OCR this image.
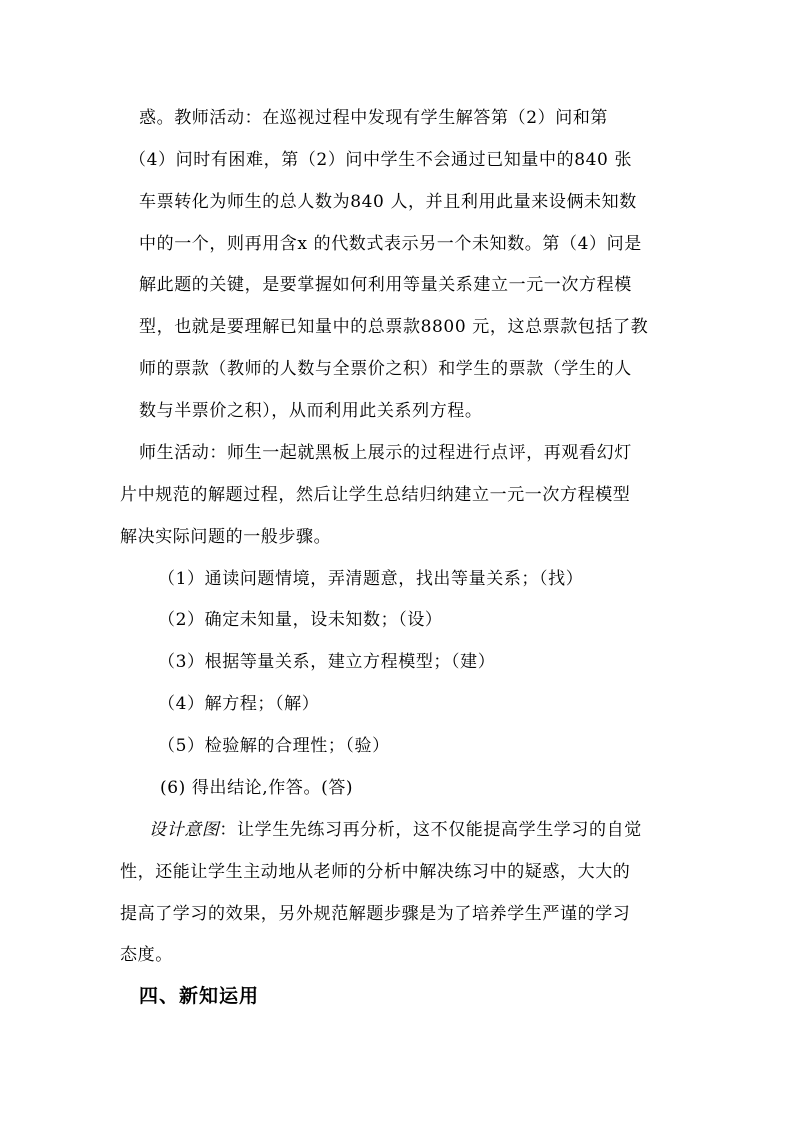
惑。教师活动：在巡视过程中发现有学生解答第（2）问和第
（4）问时有困难，第（2）问中学生不会通过已知量中的840 张
车票转化为师生的总人数为840 人，并且利用此量来设俩未知数
中的一个，则再用含x 的代数式表示另一个未知数。第（4）问是
解此题的关键，是要掌握如何利用等量关系建立一元一次方程模
型，也就是要理解已知量中的总票款8800 元，这总票款包括了教
师的票款（教师的人数与全票价之积）和学生的票款（学生的人
数与半票价之积），从而利用此关系列方程。
师生活动：师生一起就黑板上展示的过程进行点评，再观看幻灯
片中规范的解题过程，然后让学生总结归纳建立一元一次方程模型
解决实际问题的一般步骤。
（1）通读问题情境，弄清题意，找出等量关系；（找）
（2）确定未知量，设未知数；（设）
（3）根据等量关系，建立方程模型；（建）
（4）解方程；（解）
（5）检验解的合理性；（验）
(6) 得出结论,作答。(答)
设计意图：让学生先练习再分析，这不仅能提高学生学习的自觉
性，还能让学生主动地从老师的分析中解决练习中的疑惑，大大的
提高了学习的效果，另外规范解题步骤是为了培养学生严谨的学习
态度。
四、新知运用
